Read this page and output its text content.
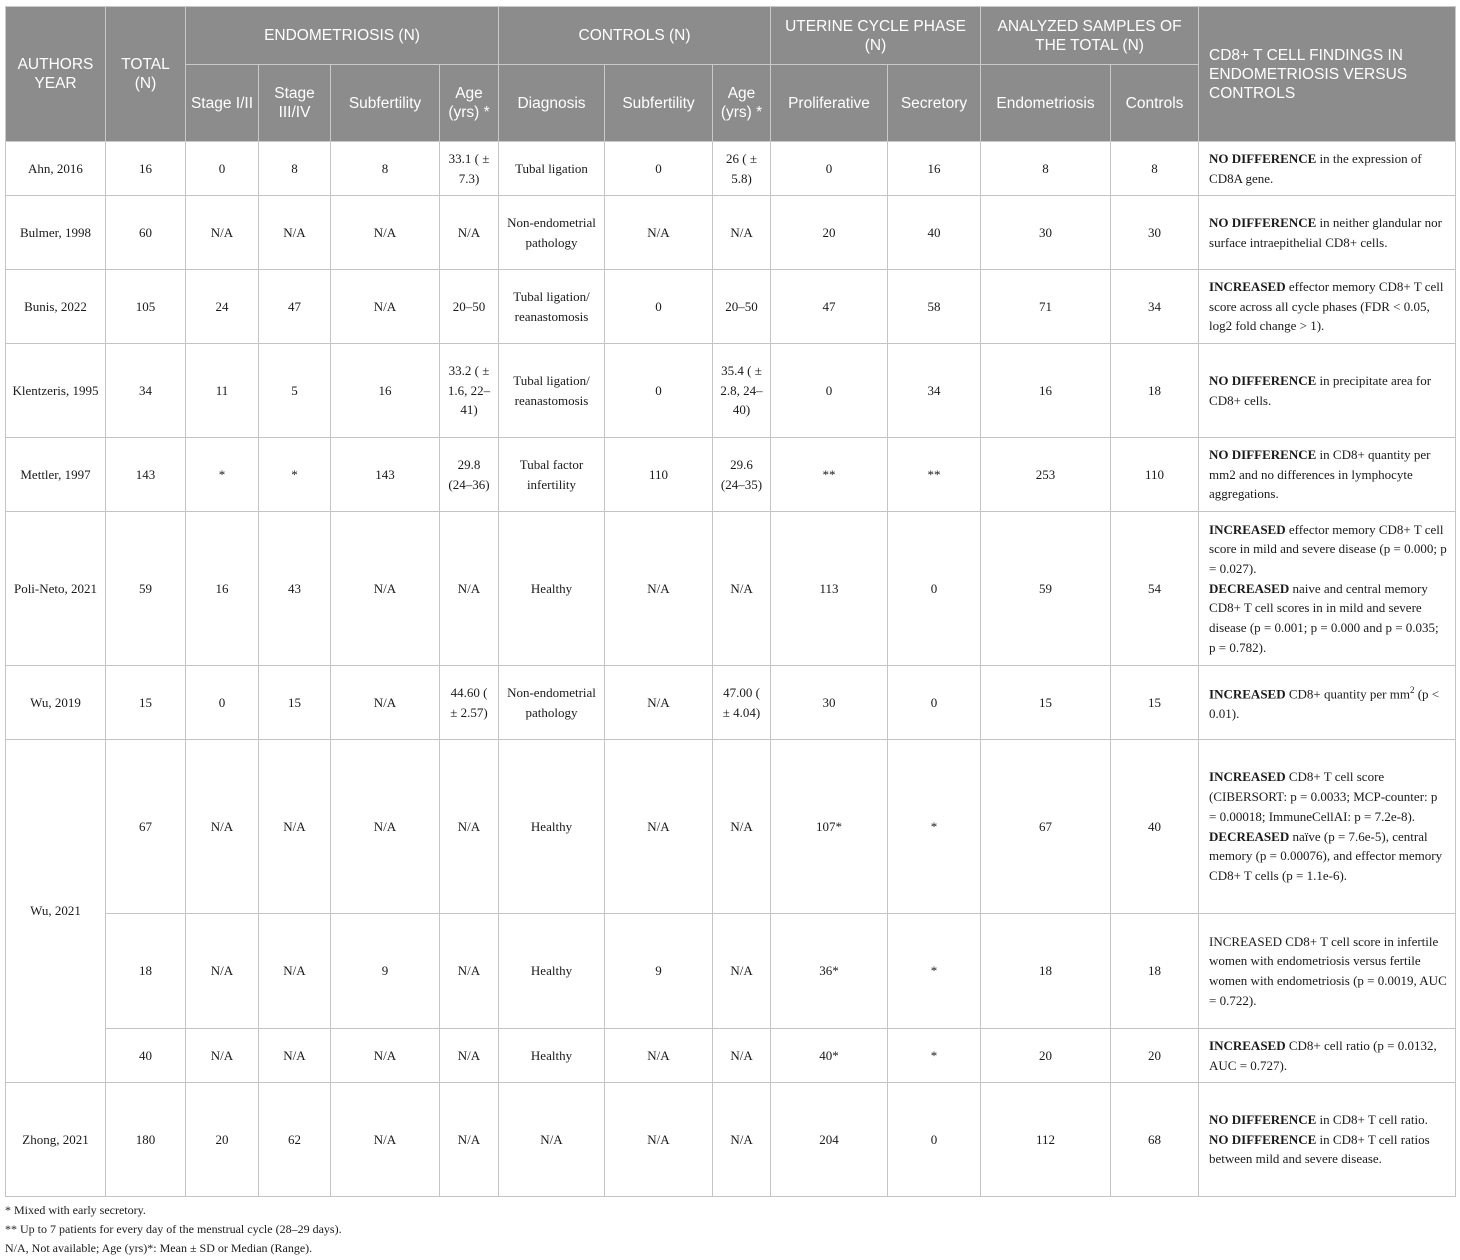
AUTHORS YEAR	TOTAL (N)	ENDOMETRIOSIS (N)				CONTROLS (N)			UTERINE CYCLE PHASE (N)		ANALYZED SAMPLES OF THE TOTAL (N)		CD8+ T CELL FINDINGS IN ENDOMETRIOSIS VERSUS CONTROLS
		Stage I/II	Stage III/IV	Subfertility	Age (yrs) *	Diagnosis	Subfertility	Age (yrs) *	Proliferative	Secretory	Endometriosis	Controls	
Ahn, 2016	16	0	8	8	33.1 ( ± 7.3)	Tubal ligation	0	26 ( ± 5.8)	0	16	8	8	NO DIFFERENCE in the expression of CD8A gene.

Bulmer, 1998	60	N/A	N/A	N/A	N/A	Non-endometrial pathology	N/A	N/A	20	40	30	30	NO DIFFERENCE in neither glandular nor surface intraepithelial CD8+ cells.

Bunis, 2022	105	24	47	N/A	20–50	Tubal ligation/ reanastomosis	0	20–50	47	58	71	34	INCREASED effector memory CD8+ T cell score across all cycle phases (FDR < 0.05, log2 fold change > 1).

Klentzeris, 1995	34	11	5	16	33.2 ( ± 1.6, 22–41)	Tubal ligation/ reanastomosis	0	35.4 ( ± 2.8, 24–40)	0	34	16	18	NO DIFFERENCE in precipitate area for CD8+ cells.

Mettler, 1997	143	*	*	143	29.8 (24–36)	Tubal factor infertility	110	29.6 (24–35)	**	**	253	110	NO DIFFERENCE in CD8+ quantity per mm2 and no differences in lymphocyte aggregations.

Poli-Neto, 2021	59	16	43	N/A	N/A	Healthy	N/A	N/A	113	0	59	54	INCREASED effector memory CD8+ T cell score in mild and severe disease (p = 0.000; p = 0.027).
DECREASED naive and central memory CD8+ T cell scores in in mild and severe disease (p = 0.001; p = 0.000 and p = 0.035; p = 0.782).

Wu, 2019	15	0	15	N/A	44.60 ( ± 2.57)	Non-endometrial pathology	N/A	47.00 ( ± 4.04)	30	0	15	15	INCREASED CD8+ quantity per $mm^2$ (p < 0.01).

Wu, 2021	67	N/A	N/A	N/A	N/A	Healthy	N/A	N/A	107*	*	67	40	INCREASED CD8+ T cell score (CIBERSORT: p = 0.0033; MCP-counter: p = 0.00018; ImmuneCellAI: p = 7.2e-8).
DECREASED naïve (p = 7.6e-5), central memory (p = 0.00076), and effector memory CD8+ T cells (p = 1.1e-6).

	18	N/A	N/A	9	N/A	Healthy	9	N/A	36*	*	18	18	INCREASED CD8+ T cell score in infertile women with endometriosis versus fertile women with endometriosis (p = 0.0019, AUC = 0.722).

	40	N/A	N/A	N/A	N/A	Healthy	N/A	N/A	40*	*	20	20	INCREASED CD8+ cell ratio (p = 0.0132, AUC = 0.727).

Zhong, 2021	180	20	62	N/A	N/A	N/A	N/A	N/A	204	0	112	68	NO DIFFERENCE in CD8+ T cell ratio.
NO DIFFERENCE in CD8+ T cell ratios between mild and severe disease.
* Mixed with early secretory.
** Up to 7 patients for every day of the menstrual cycle (28–29 days).
N/A, Not available; Age (yrs)*: Mean ± SD or Median (Range).
